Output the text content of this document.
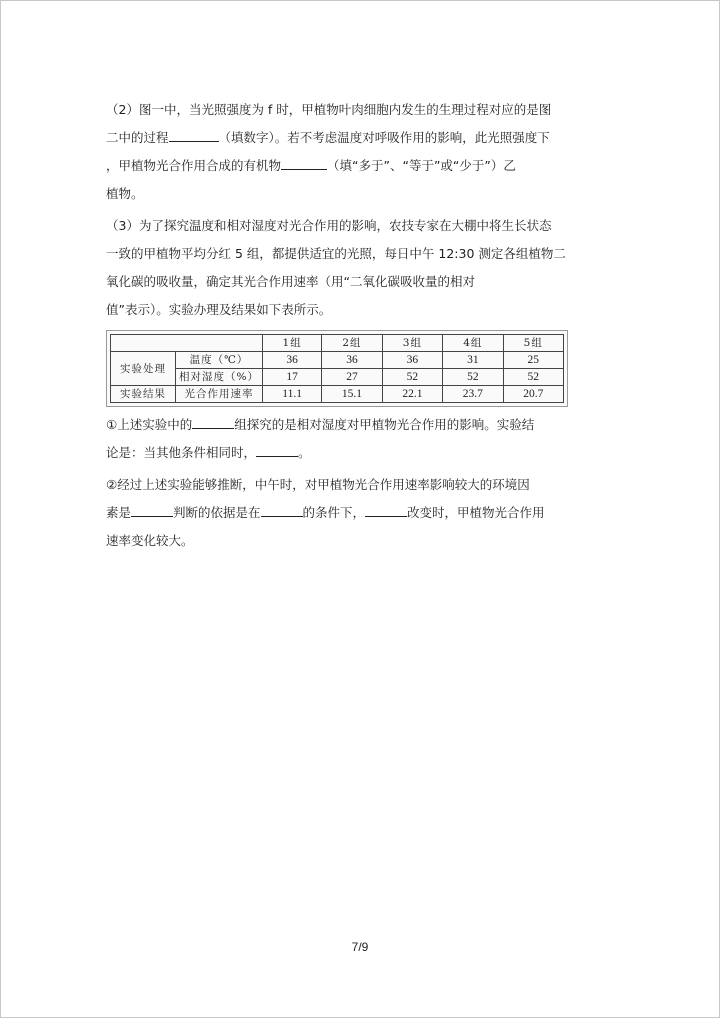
（2）图一中，当光照强度为 f 时，甲植物叶肉细胞内发生的生理过程对应的是图

二中的过程	（填数字）。若不考虑温度对呼吸作用的影响，此光照强度下

，甲植物光合作用合成的有机物	（填“多于”、“等于”或“少于”）乙

植物。

（3）为了探究温度和相对湿度对光合作用的影响，农技专家在大棚中将生长状态

一致的甲植物平均分红 5 组，都提供适宜的光照，每日中午 12:30 测定各组植物二

氧化碳的吸收量，确定其光合作用速率（用“二氧化碳吸收量的相对

值”表示）。实验办理及结果如下表所示。

		1组	2组	3组	4组	5组
实验处理	温度（℃）	36	36	36	31	25
	相对湿度（%）	17	27	52	52	52
实验结果	光合作用速率	11.1	15.1	22.1	23.7	20.7

①上述实验中的	组探究的是相对湿度对甲植物光合作用的影响。实验结

论是：当其他条件相同时，	。

②经过上述实验能够推断，中午时，对甲植物光合作用速率影响较大的环境因

素是	判断的依据是在	的条件下，	改变时，甲植物光合作用

速率变化较大。

7/9
